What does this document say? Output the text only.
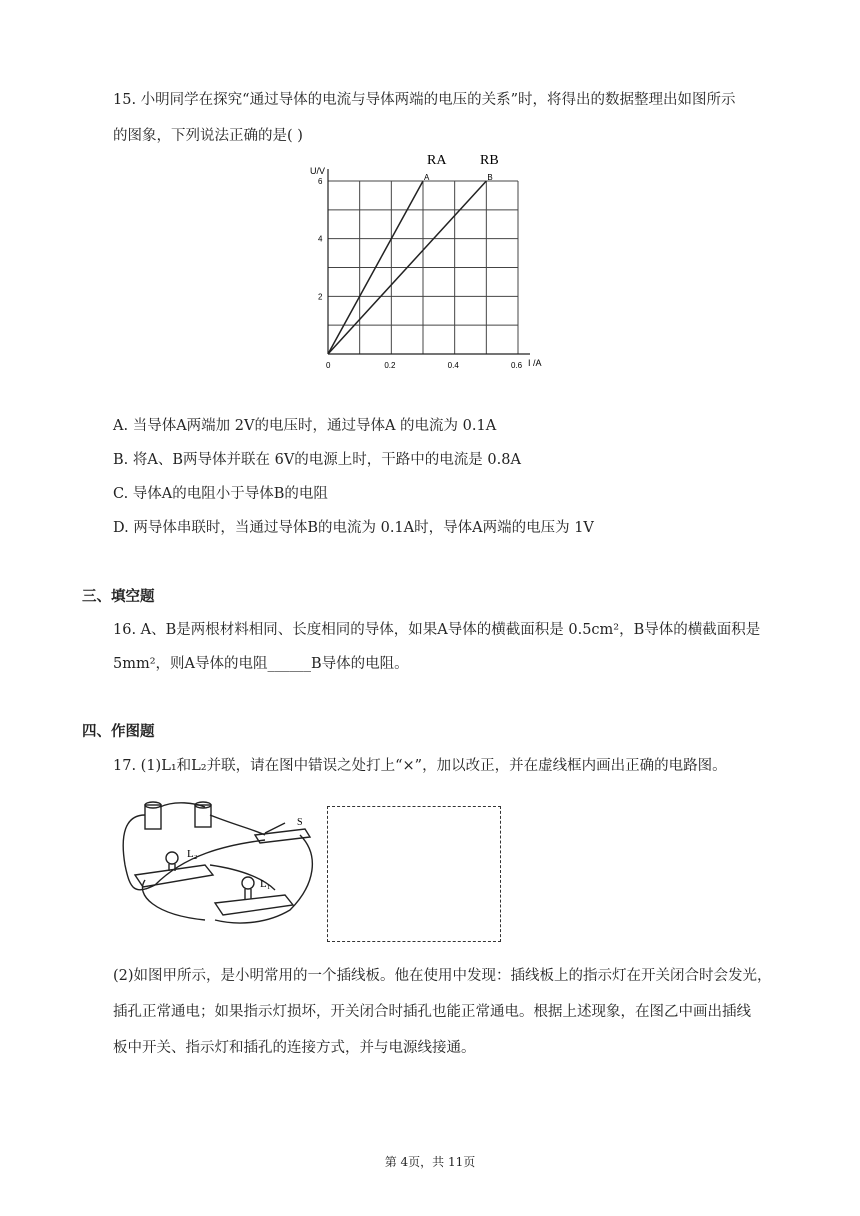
15. 小明同学在探究“通过导体的电流与导体两端的电压的关系”时，将得出的数据整理出如图所示
的图象，下列说法正确的是( )
A	B
0	0.2	0.4	0.6
2
4
6
U/V
I /A
RA RB
A. 当导体A两端加 2V的电压时，通过导体A 的电流为 0.1A
B. 将A、B两导体并联在 6V的电源上时，干路中的电流是 0.8A
C. 导体A的电阻小于导体B的电阻
D. 两导体串联时，当通过导体B的电流为 0.1A时，导体A两端的电压为 1V
三、填空题
16. A、B是两根材料相同、长度相同的导体，如果A导体的横截面积是 0.5cm²，B导体的横截面积是
5mm²，则A导体的电阻______B导体的电阻。
四、作图题
17. (1)L₁和L₂并联，请在图中错误之处打上“×”，加以改正，并在虚线框内画出正确的电路图。
L₂
L₁
S
(2)如图甲所示，是小明常用的一个插线板。他在使用中发现：插线板上的指示灯在开关闭合时会发光，
插孔正常通电；如果指示灯损坏，开关闭合时插孔也能正常通电。根据上述现象，在图乙中画出插线
板中开关、指示灯和插孔的连接方式，并与电源线接通。
第 4页，共 11页
